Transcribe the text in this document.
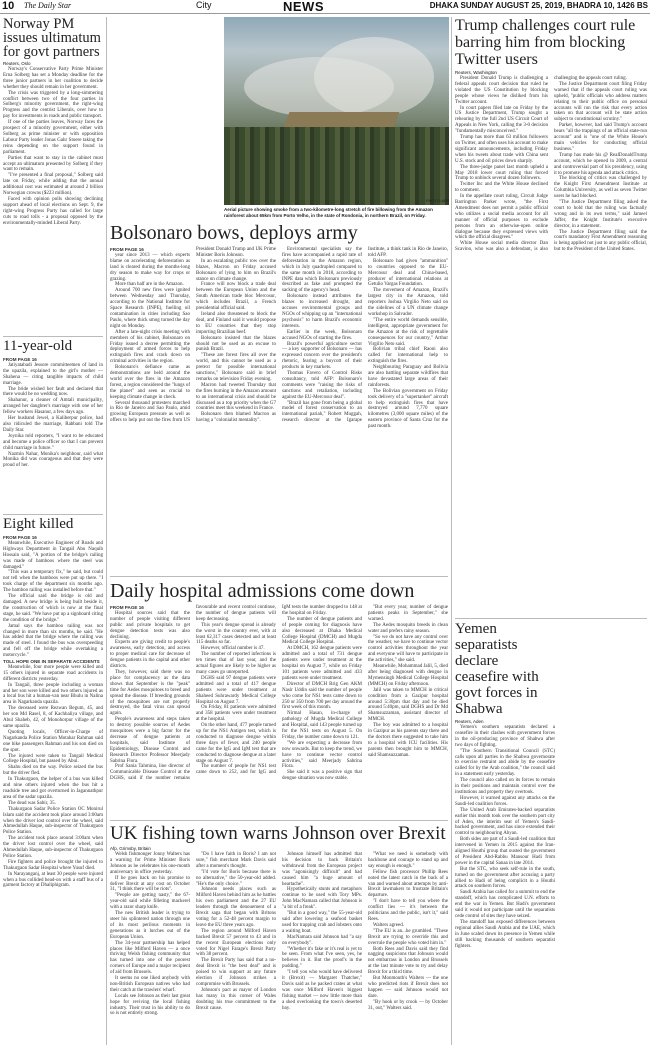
10 The Daily Star	City	NEWS	DHAKA SUNDAY AUGUST 25, 2019, BHADRA 10, 1426 BS
Norway PM issues ultimatum for govt partners
Reuters, Oslo

Norway's Conservative Party Prime Minister Erna Solberg has set a Monday deadline for the three junior partners in her coalition to decide whether they should remain in her government.

The crisis was triggered by a long-simmering conflict between two of the four parties in Solberg's minority government, the right-wing Progress and the centrist Liberals, over how to pay for investments in roads and public transport.

If one of the parties leaves, Norway faces the prospect of a minority government, either with Solberg as prime minister or with opposition Labour Party leader Jonas Gahr Stoere taking the reins depending on the support found in parliament.

Parties that want to stay in the cabinet must accept an ultimatum presented by Solberg if they want to remain.

"I've presented a final proposal," Solberg said late on Friday, while adding that the annual additional cost was estimated at around 2 billion Norwegian crowns ($223 million).

Faced with opinion polls showing declining support ahead of local elections on Sept. 9, the right-wing Progress Party has called for large cuts to road tolls - a proposal opposed by the environmentally-minded Liberal Party.

11-year-old

FROM PAGE 16

Jatiyatabadi Jessore committeemen of land in the upazila, explained to the girl's mother — Shahena — citing tangible impacts of child marriage.

The bride wished her fault and declared that there would be no wedding now.

Shahanur, a cleaner of Amtali municipality, arranged her daughter's marriage with one of her fellow workers Hasanur, a few days ago.

Her husband Jewel, a Kaliberpur police, had also ridiculed the marriage, Rabbani told The Daily Star.

Joynika told reporters, "I want to be educated and become a police officer so that I can prevent child marriage in future."

Nazmin Nahar, Monika's neighbour, said what Monika did was courageous and that they were proud of her.

Eight killed

FROM PAGE 16

Meanwhile, Executive Engineer of Roads and Highways Department in Tangail Abu Naquib Hossain said, "A portion of the bridge's railing was made of bamboos where the steel was damaged."

"This was a temporary fix," he said, but could not tell when the bamboos were put up there. "I took charge of the department six months ago. The bamboo railing was installed before that."

The official said the bridge is old and damaged. A new bridge is being built beside it, the construction of which is now at the final stage, he said. "We have put up a signboard citing the condition of the bridge."

Jamal says the bamboo railing was not changed in more than six months, he said. "He has added that the bridge where the railing was made of steel. I found the bus was overspeeding and fell off the bridge while overtaking a motorcycle."

TOLL HOPE ONE IN SEPARATE ACCIDENTS

Meanwhile, four more people were killed and 15 others injured in separate road accidents in different districts yesterday.

In Tangail, three people including a woman and her son were killed and two others injured as a local bus hit a human-van near Bhulu in Nalina area in Nagarkanda upazila.

The deceased were Rezwan Begum, 45, and her son Md Rasel, 8, of Kachhaliya village, and Abul Shaheb, 42, of Monohorpur village of the same upazila.

Quoting locals, Officer-in-Charge of Nagarkanda Police Station Motahar Rahman said one bike passengers Rahman and his son died on the spot.

The injured were taken to Tangail Medical College Hospital, but passed by Abul.

Shahu died on the way. Police seized the bus but the driver fled.

In Thakurgaon, the helper of a bus was killed and nine others injured when the bus hit a roadside tree and got overturned in Jagannathpur area of the sadar upazila.

The dead was Sabir, 35.

Thakurgaon Sadar Police Station OC Monirul Islam said the accident took place around 3:00am when the driver lost control over the wheel, said Ahmedullah Haque, sub-inspector of Thakurgaon Police Station.

The accident took place around 3:00am when the driver lost control over the wheel, said Ahmedullah Haque, sub-inspector of Thakurgaon Police Station.

Fire fighters and police brought the injured to Thakurgaon Sadar Hospital where Yusuf died.

In Narayanganj, at least 30 people were injured when a bus collided head-on with a staff bus of a garment factory at Dhaliphigram.

PHOTO: AFP
Aerial picture showing smoke from a two-kilometre-long stretch of fire billowing from the Amazon rainforest about 65km from Porto Velho, in the state of Rondonia, in northern Brazil, on Friday.
Bolsonaro bows, deploys army

FROM PAGE 16

year since 2013 — which experts blame on accelerating deforestation as land is cleared during the months-long dry season to make way for crops or grazing.

More than half are in the Amazon.

Around 700 new fires were ignited between Wednesday and Thursday, according to the National Institute for Space Research (INPE), fuelling oil contamination in cities including Sao Paulo, where thick smog turned the day night on Monday.

After a late-night crisis meeting with members of his cabinet, Bolsonaro on Friday issued a decree permitting the deployment of armed forces to help extinguish fires and crack down on criminal activities in the region.

Bolsonaro's defiance came as demonstrations are held around the world over the fires in the Amazon forest, a region considered the "lungs of the planet" and seen as crucial to keeping climate change in check.

Several thousand protesters marched in Rio de Janeiro and Sao Paulo, amid growing European pressure as well as offers to help put out the fires from US President Donald Trump and UK Prime Minister Boris Johnson.

In an escalating public row over the blazes, Macron on Friday accused Bolsonaro of lying to him on Brazil's stance on climate change.

France will now block a trade deal between the European Union and the South American trade bloc Mercosur, which includes Brazil, a French presidential official said.

Ireland also threatened to block the deal, and Finland said it would propose to EU countries that they stop importing Brazilian beef.

Bolsonaro insisted that the blazes should not be used as an excuse to punish Brazil.

"These are forest fires all over the world, and this cannot be used as a pretext for possible international sanctions," Bolsonaro said in brief remarks on television Friday evening.

Macron had tweeted Thursday that the fires burning in the Amazon amount to an international crisis and should be discussed as a top priority when the G7 countries meet this weekend in France.

Bolsonaro then blamed Macron as having a "colonialist mentality".

Environmental specialists say the fires have accompanied a rapid rate of deforestation in the Amazon region, which in July quadrupled compared to the same month in 2018, according to INPE data which Bolsonaro previously described as fake and prompted the sacking of the agency's head.

Bolsonaro instead attributes the blazes to increased drought, and accuses environmental groups and NGOs of whipping up an "international psychosis" to harm Brazil's economic interests.

Earlier in the week, Bolsonaro accused NGOs of starting the fires.

Brazil's powerful agriculture sector — a key supporter of Bolsonaro — has expressed concern over the president's rhetoric, fearing a boycott of their products in key markets.

Thomas Favero of Control Risks consultancy, told AFP: Bolsonaro's comments were "raising the risks of sanctions and retaliation, including against the EU-Mercosur deal".

"Brazil has gone from being a global model of forest conservation to an international pariah," Robert Muggah, research director at the Igarape Institute, a think tank in Rio de Janeiro, told AFP.

Bolsonaro had given "ammunition" to countries opposed to the EU-Mercosur deal and China-based, producer of international relations at Getulio Vargas Foundation.

The movement of Amazon, Brazil's largest city in the Amazon, told reporters Joshua Virgilio Neto said on the sidelines of a UN climate change workshop in Salvador.

"The entire world demands sensible, intelligent, appropriate government for the Amazon at the risk of regrettable consequences for our country," Arthur Virgilio Neto said.

Bolivian tribal chief Raoni also called for international help to extinguish the fires.

Neighbouring Paraguay and Bolivia are also battling separate wildfires that have devastated large areas of their rainforests.

The Bolivian government on Friday took delivery of a "supertanker" aircraft to help extinguish fires that have destroyed around 7,770 square kilometres (3,000 square miles) of the eastern province of Santa Cruz for the past month.

Trump challenges court rule barring him from blocking Twitter users
Reuters, Washington

President Donald Trump is challenging a federal appeals court decision that ruled he violated the US Constitution by blocking people whose views he disliked from his Twitter account.

In court papers filed late on Friday by the US Justice Department, Trump sought a rehearing by the full 2nd US Circuit Court of Appeals in New York, calling the 3-0 decision "fundamentally misconceived."

Trump has more than 63 million followers on Twitter, and often uses his account to make significant announcements, including Friday when his tweets about trade with China sent U.S. stock and oil prices down sharply.

The three-judge panel last month upheld a May 2018 lower court ruling that forced Trump to unblock several dozen followers.

Twitter Inc and the White House declined to comment.

In the appellate court ruling, Circuit Judge Barrington Parker wrote, "the First Amendment does not permit a public official who utilizes a social media account for all manner of official purposes to exclude persons from an otherwise-open online dialogue because they expressed views with which the official disagrees."

White House social media director Dan Scavino, who was also a defendant, is also challenging the appeals court ruling.

The Justice Department court filing Friday warned that if the appeals court ruling was upheld, "public officials who address matters relating to their public office on personal accounts will run the risk that every action taken on that account will be state action subject to constitutional scrutiny."

Parker, however, had said Trump's account bears "all the trappings of an official state-run account" and is "one of the White House's main vehicles for conducting official business."

Trump has made his @ RealDonaldTrump account, which he opened in 2009, a central and controversial part of his presidency, using it to promote his agenda and attack critics.

The blocking of critics was challenged by the Knight First Amendment Institute at Columbia University, as well as seven Twitter users he had blocked.

"The Justice Department filing asked the court to hold that the ruling was factually wrong and in its own terms," said Jameel Jaffer, the Knight Institute's executive director, in a statement.

The Justice Department filing said the court's mandatory First Amendment reasoning is being applied not just to any public official, but to the President of the United States.

Yemen separatists declare ceasefire with govt forces in Shabwa
Reuters, Aden

Yemen's southern separatists declared a ceasefire in their clashes with government forces in the oil-producing province of Shabwa after two days of fighting.

"The Southern Transitional Council (STC) calls upon all parties in the Shabwa governorate to exercise restraint and abide by the ceasefire called for by the Arab coalition," the council said in a statement early yesterday.

The council also called on its forces to remain in their positions and maintain control over the institutions and property they overtook.

However, it warned against any attacks on the Saudi-led coalition forces.

The United Arab Emirates-backed separatists earlier this month took over the southern port city of Aden, the interim seat of Yemen's Saudi-backed government, and has since extended their control to neighbouring Abyan.

Both sides are part of a Saudi-led coalition that intervened in Yemen in 2015 against the Iran-aligned Houthi group that ousted the government of President Abd-Rabbu Mansour Hadi from power in the capital Sanaa in late 2014.

But the STC, who seek self-rule in the south, turned on the government after accusing a party allied to Hadi of being complicit in a Houthi attack on southern forces.

Saudi Arabia has called for a summit to end the standoff, which has complicated U.N. efforts to end the war in Yemen. But Hadi's government said it would not participate until the separatists cede control of sites they have seized.

The standoff has exposed differences between regional allies Saudi Arabia and the UAE, which in June scaled down its presence in Yemen while still backing thousands of southern separatist fighters.

Daily hospital admissions come down

FROM PAGE 16

Hospital sources said that the number of people visiting different public and private hospitals to get dengue detection tests was also declining.

Experts are giving credit to people's awareness, early detection, and access to proper medical care for decrease of dengue patients in the capital and other districts.

They, however, said there was no place for complacency as the data shows that September is the "peak" time for Aedes mosquitoes to breed and spread the disease. If breeding grounds of the mosquitoes are not properly destroyed, the fatal virus can spread again.

People's awareness and steps taken to destroy possible sources of Aedes mosquitoes were a big factor for the decrease of dengue patients at hospitals, said Institute of Epidemiology, Disease Control and Research Director Professor Meerjady Sabrina Flora.

Prof Sania Tahmina, line director of Communicable Disease Control at the DGHS, said if the number remains favourable and recent control continue, the number of dengue patients will keep decreasing.

This year's dengue spread is already the worst in the country ever, with at least 62,317 cases detected and at least 115 deaths so far.

However, official number is 47.

The number of reported infections is ten times that of last year, and the actual figures are likely to be higher as many cases go unreported.

DGHS said 97 dengue patients were admitted and a total of 417 dengue patients were under treatment at Shaheed Suhrawardy Medical College Hospital on August 7.

On Friday, 81 patients were admitted and 358 patients were under treatment at the hospital.

On the other hand, 477 people turned up for the NS1 Antigen test, which is conducted to diagnose dengue within three days of fever, and 240 people came for the IgG and IgM test that are conducted to diagnose dengue at a later stage on August 7.

The number of people for NS1 test came down to 252, and for IgG and IgM tests the number dropped to 148 at the hospital on Friday.

The number of dengue patients and of people coming for diagnosis have also decreased at Dhaka Medical College Hospital (DMCH) and Mugda Medical College Hospital.

At DMCH, 162 dengue patients were admitted and a total of 731 dengue patients were under treatment at the hospital on August 7, while on Friday 101 patients were admitted and 433 patients were under treatment.

Director of DMCH Brig Gen AKM Nasir Uddin said the number of people who come for NS1 tests came down to 250 or 350 from 700 per day around the first week of this month.

Nirmal Hasan, in-charge of pathology of Mugda Medical College and Hospital, said 143 people turned up for the NS1 tests on August 5. On Friday, the number came down to 121.

"We are expecting a decrease from now onwards. But to keep the trend, we have to continue vector control activities," said Meerjady Sabrina Flora.

She said it was a positive sign that dengue situation was now stable.

"But every year, number of dengue patients peaks in September," she warned.

The Aedes mosquito breeds in clean water and prefers rainy season.

"So we do not have any control over the weather, we have to continue vector control activities throughout the year and everyone will have to participate in the activities," she said.

Meanwhile, Mohammad Jalil, 5, died after being diagnosed with dengue in Mymensingh Medical College Hospital (MMCH) on Friday afternoon.

Jalil was taken to MMCH in critical condition from a Gazipur hospital around 5:30pm that day and he died around 5:40pm, said DGHS and Dr Md Shamsuzzaman, assistant director of MMCH.

The boy was admitted to a hospital in Gazipur as his parents stay there and the doctors there suggested to take him to a hospital with ICU facilities. His parents then brought him to MMCH, said Shamsuzzaman.

UK fishing town warns Johnson over Brexit
Afp, Grimsby, Britain

Welsh fishmonger Jonny Walters has a warning for Prime Minister Boris Johnson as he celebrates his one-month anniversary in office yesterday.

If he goes back on his promise to deliver Brexit at any cost on October 31, "I think there will be riots".

"People are getting nasty," the 67-year-old said while filleting mackerel with a razor sharp knife.

The new British leader is trying to steer his splintered nation through one of its most perilous moments in generations as it lurches out of the European Union.

The 34-year partnership has helped places like Milford Haven — a once thriving Welsh fishing community that has turned into one of the poorest corners of Europe and a major recipient of aid from Brussels.

It seems no one liked anybody with non-British European natives who had their catch at the trawlers' wharf.

Locals see Johnson as their last great hope for reviving the local fishing industry. Their trust in his ability to do so is not entirely strong.

"Do I have faith in Boris? I am not sure," fish merchant Mark Davis said after a moment's thought.

"I'd vote for Boris because there is no alternative," the 50-year-old added. "He's the only choice."

Johnson needs places such as Milford Haven behind him as he battles his own parliament and the 27 EU leaders through the denouement of a Brexit saga that began with Britons voting for a 52-48 percent margin to leave the EU three years ago.

The region around Milford Haven backed Brexit 57 percent to 43 and in the recent European elections only voted for Nigel Farage's Brexit Party with 38 percent.

The Brexit Party has said that a no-deal Brexit is "the best deal" and is poised to win support at any future election if Johnson strikes a compromise with Brussels.

Johnson's pact as mayor of London has many in this corner of Wales doubting his true commitment to the Brexit cause.

Johnson himself has admitted that his decision to back Britain's withdrawal from the European project was "agonisingly difficult" and had caused him "a huge amount of heartache".

Hypothetically stunts and metaphors continue to be used with Tory MPs. John MacNamara called that Johnson is "a bit of a freak".

"But in a good way," the 55-year-old said after lowering a seafood basket used for trapping crab and lobsters onto a waiting boat.

MacNamara said Johnson had "a say on everybody".

"Whether it's fake or it's real is yet to be seen. From what I've seen, yes, he believes in it. But the proof's in the pudding."

"I tell you who would have delivered it (Brexit) — Margaret Thatcher," Davis said as he packed crates at what was once Milford Haven's biggest fishing market — now little more than a shed overlooking the town's deserted bay.

"What we need is somebody with backbone and courage to stand up and say enough is enough."

Fellow fish processor Phillip Rees noted the latest catch in the back of a van and warned about attempts by anti-Brexit lawmakers to frustrate Britain's departure.

"I don't have to tell you where the conflict lies — it's between the politicians and the public, isn't it," said Rees.

Walters agreed.

"The EU is an...he grumbled. "These Brexit are trying to override this and overrule the people who voted him in."

Both Rees and Davis said they find nagging suspicions that Johnson would not embarrass in London and Brussels at the last minute vote to try and delay Brexit for a third time.

But Monmouth's Walters — the one who predicted riots if Brexit does not happen — said Johnson would not dare.

"By hook or by crook — by October 31, out," Walters said.
